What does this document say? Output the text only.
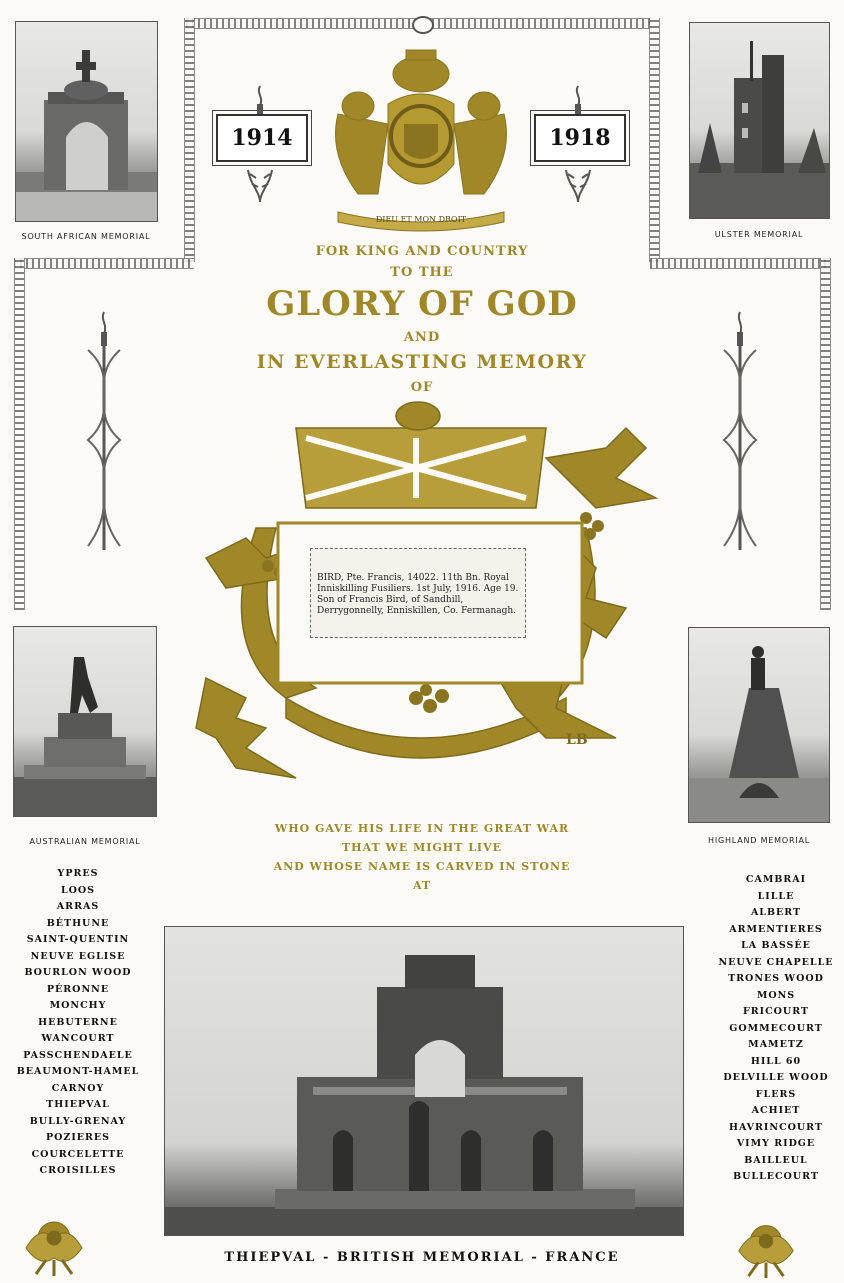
SOUTH AFRICAN MEMORIAL	ULSTER MEMORIAL
1914	1918
DIEU ET MON DROIT
FOR KING AND COUNTRY
TO THE
GLORY OF GOD
AND
IN EVERLASTING MEMORY
OF
LB
BIRD, Pte. Francis, 14022. 11th Bn. Royal Inniskilling Fusiliers. 1st July, 1916. Age 19. Son of Francis Bird, of Sandhill, Derrygonnelly, Enniskillen, Co. Fermanagh.
AUSTRALIAN MEMORIAL	HIGHLAND MEMORIAL
WHO GAVE HIS LIFE IN THE GREAT WAR
THAT WE MIGHT LIVE
AND WHOSE NAME IS CARVED IN STONE
AT
YPRES
LOOS
ARRAS
BÉTHUNE
SAINT-QUENTIN
NEUVE EGLISE
BOURLON WOOD
PÉRONNE
MONCHY
HEBUTERNE
WANCOURT
PASSCHENDAELE
BEAUMONT-HAMEL
CARNOY
THIEPVAL
BULLY-GRENAY
POZIERES
COURCELETTE
CROISILLES
CAMBRAI
LILLE
ALBERT
ARMENTIERES
LA BASSÉE
NEUVE CHAPELLE
TRONES WOOD
MONS
FRICOURT
GOMMECOURT
MAMETZ
HILL 60
DELVILLE WOOD
FLERS
ACHIET
HAVRINCOURT
VIMY RIDGE
BAILLEUL
BULLECOURT
THIEPVAL - BRITISH MEMORIAL - FRANCE
